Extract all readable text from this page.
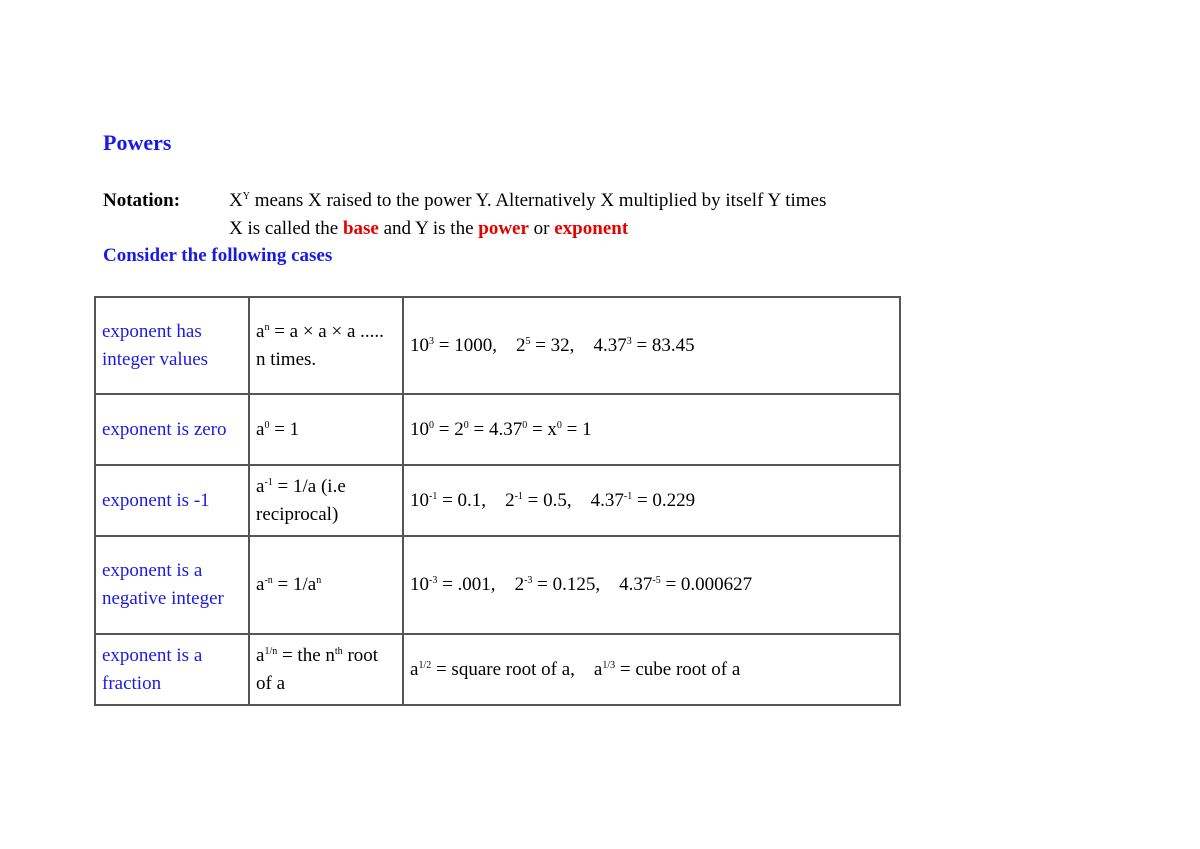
Powers
Notation:	$X^Y$ means X raised to the power Y. Alternatively X multiplied by itself Y times
X is called the base and Y is the power or exponent
Consider the following cases
exponent has integer values	$a^n = a \times a \times a$ ..... n times.	$10^3 = 1000$,    $2^5 = 32$,    $4.37^3 = 83.45$
exponent is zero	$a^0 = 1$	$10^0 = 2^0 = 4.37^0 = x^0 = 1$
exponent is -1	$a^{-1} = 1/a$ (i.e reciprocal)	$10^{-1} = 0.1$,    $2^{-1} = 0.5$,    $4.37^{-1} = 0.229$
exponent is a negative integer	$a^{-n} = 1/a^n$	$10^{-3} = .001$,    $2^{-3} = 0.125$,    $4.37^{-5} = 0.000627$
exponent is a fraction	$a^{1/n}$ = the $n^{th}$ root of a	$a^{1/2}$ = square root of a,    $a^{1/3}$ = cube root of a
